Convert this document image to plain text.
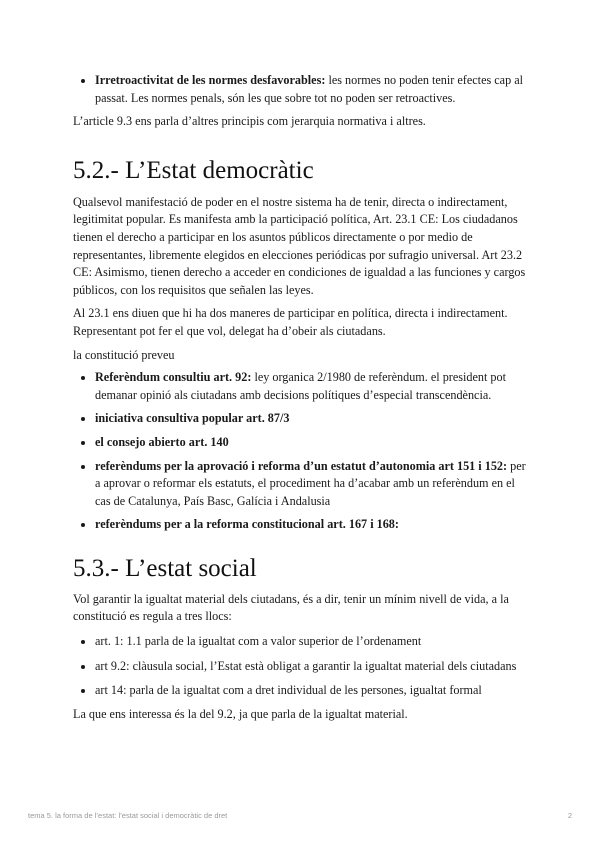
Irretroactivitat de les normes desfavorables: les normes no poden tenir efectes cap al passat. Les normes penals, són les que sobre tot no poden ser retroactives.

L’article 9.3 ens parla d’altres principis com jerarquia normativa i altres.

5.2.- L’Estat democràtic

Qualsevol manifestació de poder en el nostre sistema ha de tenir, directa o indirectament, legitimitat popular. Es manifesta amb la participació política, Art. 23.1 CE: Los ciudadanos tienen el derecho a participar en los asuntos públicos directamente o por medio de representantes, libremente elegidos en elecciones periódicas por sufragio universal. Art 23.2 CE: Asimismo, tienen derecho a acceder en condiciones de igualdad a las funciones y cargos públicos, con los requisitos que señalen las leyes.

Al 23.1 ens diuen que hi ha dos maneres de participar en política, directa i indirectament. Representant pot fer el que vol, delegat ha d’obeir als ciutadans.

la constitució preveu

Referèndum consultiu art. 92: ley organica 2/1980 de referèndum. el president pot demanar opinió als ciutadans amb decisions polítiques d’especial transcendència.
iniciativa consultiva popular art. 87/3
el consejo abierto art. 140
referèndums per la aprovació i reforma d’un estatut d’autonomia art 151 i 152: per a aprovar o reformar els estatuts, el procediment ha d’acabar amb un referèndum en el cas de Catalunya, País Basc, Galícia i Andalusia
referèndums per a la reforma constitucional art. 167 i 168:
5.3.- L’estat social

Vol garantir la igualtat material dels ciutadans, és a dir, tenir un mínim nivell de vida, a la constitució es regula a tres llocs:

art. 1: 1.1 parla de la igualtat com a valor superior de l’ordenament
art 9.2: clàusula social, l’Estat està obligat a garantir la igualtat material dels ciutadans
art 14: parla de la igualtat com a dret individual de les persones, igualtat formal

La que ens interessa és la del 9.2, ja que parla de la igualtat material.

tema 5. la forma de l’estat: l’estat social i democràtic de dret	2
